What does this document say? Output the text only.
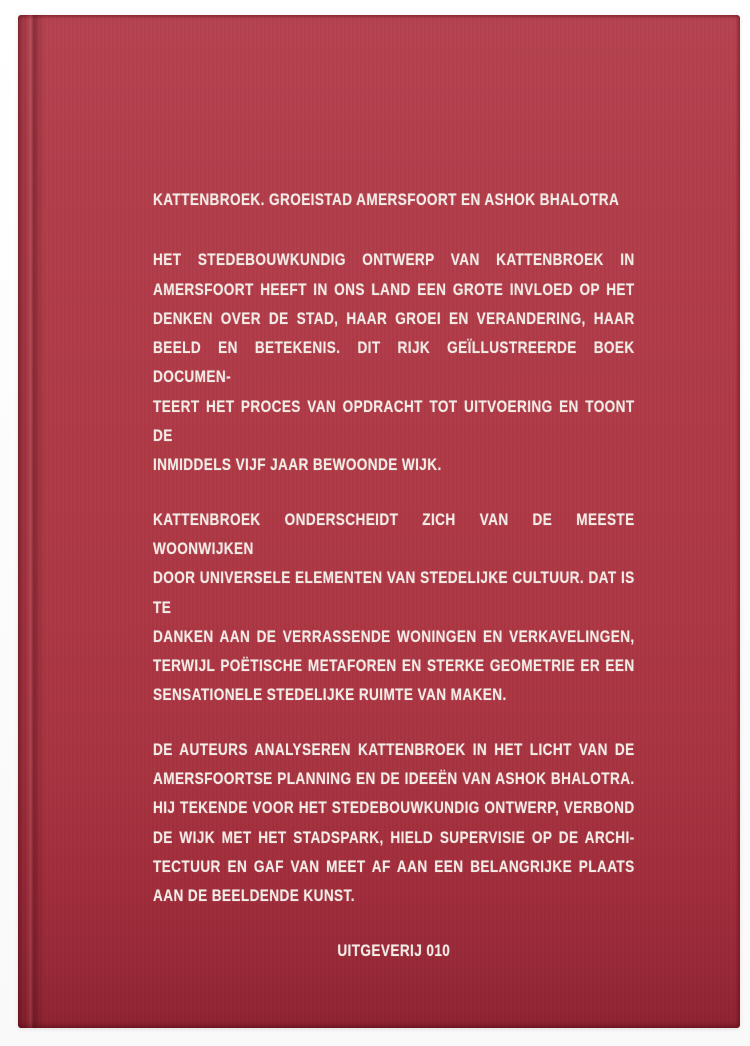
KATTENBROEK. GROEISTAD AMERSFOORT EN ASHOK BHALOTRA
HET STEDEBOUWKUNDIG ONTWERP VAN KATTENBROEK IN
AMERSFOORT HEEFT IN ONS LAND EEN GROTE INVLOED OP HET
DENKEN OVER DE STAD, HAAR GROEI EN VERANDERING, HAAR
BEELD EN BETEKENIS. DIT RIJK GEÏLLUSTREERDE BOEK DOCUMEN-
TEERT HET PROCES VAN OPDRACHT TOT UITVOERING EN TOONT DE
INMIDDELS VIJF JAAR BEWOONDE WIJK.
KATTENBROEK ONDERSCHEIDT ZICH VAN DE MEESTE WOONWIJKEN
DOOR UNIVERSELE ELEMENTEN VAN STEDELIJKE CULTUUR. DAT IS TE
DANKEN AAN DE VERRASSENDE WONINGEN EN VERKAVELINGEN,
TERWIJL POËTISCHE METAFOREN EN STERKE GEOMETRIE ER EEN
SENSATIONELE STEDELIJKE RUIMTE VAN MAKEN.
DE AUTEURS ANALYSEREN KATTENBROEK IN HET LICHT VAN DE
AMERSFOORTSE PLANNING EN DE IDEEËN VAN ASHOK BHALOTRA.
HIJ TEKENDE VOOR HET STEDEBOUWKUNDIG ONTWERP, VERBOND
DE WIJK MET HET STADSPARK, HIELD SUPERVISIE OP DE ARCHI-
TECTUUR EN GAF VAN MEET AF AAN EEN BELANGRIJKE PLAATS
AAN DE BEELDENDE KUNST.
UITGEVERIJ 010
